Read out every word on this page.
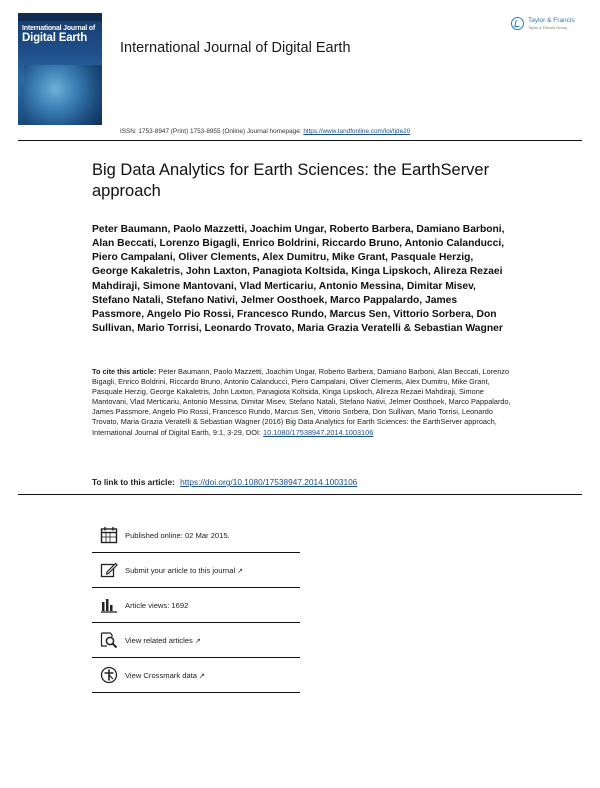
International Journal of
Digital Earth
International Journal of Digital Earth
Taylor & Francis
Taylor & Francis Group
ISSN: 1753-8947 (Print) 1753-8955 (Online) Journal homepage: https://www.tandfonline.com/loi/tjde20
Big Data Analytics for Earth Sciences: the EarthServer approach
Peter Baumann, Paolo Mazzetti, Joachim Ungar, Roberto Barbera, Damiano Barboni, Alan Beccati, Lorenzo Bigagli, Enrico Boldrini, Riccardo Bruno, Antonio Calanducci, Piero Campalani, Oliver Clements, Alex Dumitru, Mike Grant, Pasquale Herzig, George Kakaletris, John Laxton, Panagiota Koltsida, Kinga Lipskoch, Alireza Rezaei Mahdiraji, Simone Mantovani, Vlad Merticariu, Antonio Messina, Dimitar Misev, Stefano Natali, Stefano Nativi, Jelmer Oosthoek, Marco Pappalardo, James Passmore, Angelo Pio Rossi, Francesco Rundo, Marcus Sen, Vittorio Sorbera, Don Sullivan, Mario Torrisi, Leonardo Trovato, Maria Grazia Veratelli & Sebastian Wagner
To cite this article: Peter Baumann, Paolo Mazzetti, Joachim Ungar, Roberto Barbera, Damiano Barboni, Alan Beccati, Lorenzo Bigagli, Enrico Boldrini, Riccardo Bruno, Antonio Calanducci, Piero Campalani, Oliver Clements, Alex Dumitru, Mike Grant, Pasquale Herzig, George Kakaletris, John Laxton, Panagiota Koltsida, Kinga Lipskoch, Alireza Rezaei Mahdiraji, Simone Mantovani, Vlad Merticariu, Antonio Messina, Dimitar Misev, Stefano Natali, Stefano Nativi, Jelmer Oosthoek, Marco Pappalardo, James Passmore, Angelo Pio Rossi, Francesco Rundo, Marcus Sen, Vittorio Sorbera, Don Sullivan, Mario Torrisi, Leonardo Trovato, Maria Grazia Veratelli & Sebastian Wagner (2016) Big Data Analytics for Earth Sciences: the EarthServer approach, International Journal of Digital Earth, 9:1, 3-29, DOI: 10.1080/17538947.2014.1003106
To link to this article: https://doi.org/10.1080/17538947.2014.1003106
Published online: 02 Mar 2015.
Submit your article to this journal ↗
Article views: 1692
View related articles ↗
View Crossmark data ↗
